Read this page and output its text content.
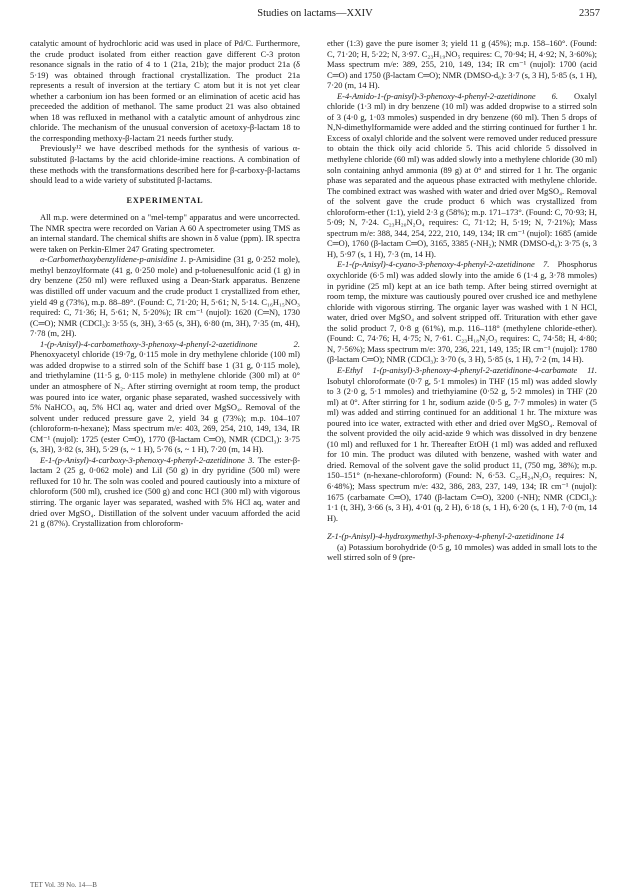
Studies on lactams—XXIV	2357

catalytic amount of hydrochloric acid was used in place of Pd/C. Furthermore, the crude product isolated from either reaction gave different C-3 proton resonance signals in the ratio of 4 to 1 (21a, 21b); the major product 21a (δ 5·19) was obtained through fractional crystallization. The product 21a represents a result of inversion at the tertiary C atom but it is not yet clear whether a carbonium ion has been formed or an elimination of acetic acid has preceeded the addition of methanol. The same product 21 was also obtained when 18 was refluxed in methanol with a catalytic amount of anhydrous zinc chloride. The mechanism of the unusual conversion of acetoxy-β-lactam 18 to the corresponding methoxy-β-lactam 21 needs further study.

Previously¹² we have described methods for the synthesis of various α-substituted β-lactams by the acid chloride-imine reactions. A combination of these methods with the transformations described here for β-carboxy-β-lactams should lead to a wide variety of substituted β-lactams.

EXPERIMENTAL

All m.p. were determined on a "mel-temp" apparatus and were uncorrected. The NMR spectra were recorded on Varian A 60 A spectrometer using TMS as an internal standard. The chemical shifts are shown in δ value (ppm). IR spectra were taken on Perkin-Elmer 247 Grating spectrometer.

α-Carbomethoxybenzylidene-p-anisidine 1. p-Amisidine (31 g, 0·252 mole), methyl benzoylformate (41 g, 0·250 mole) and p-toluenesulfonic acid (1 g) in dry benzene (250 ml) were refluxed using a Dean-Stark apparatus. Benzene was distilled off under vacuum and the crude product 1 crystallized from ether, yield 49 g (73%), m.p. 88–89°. (Found: C, 71·20; H, 5·61; N, 5·14. C₁₆H₁₅NO₃ required: C, 71·36; H, 5·61; N, 5·20%); IR cm⁻¹ (nujol): 1620 (C═N), 1730 (C═O); NMR (CDCl₃): 3·55 (s, 3H), 3·65 (s, 3H), 6·80 (m, 3H), 7·35 (m, 4H), 7·78 (m, 2H).

1-(p-Anisyl)-4-carbomethoxy-3-phenoxy-4-phenyl-2-azetidinone 2. Phenoxyacetyl chloride (19·7g, 0·115 mole in dry methylene chloride (100 ml) was added dropwise to a stirred soln of the Schiff base 1 (31 g, 0·115 mole), and triethylamine (11·5 g, 0·115 mole) in methylene chloride (300 ml) at 0° under an atmosphere of N₂. After stirring overnight at room temp, the product was poured into ice water, organic phase separated, washed successively with 5% NaHCO₃ aq, 5% HCl aq, water and dried over MgSO₄. Removal of the solvent under reduced pressure gave 2, yield 34 g (73%); m.p. 104–107 (chloroform-n-hexane); Mass spectrum m/e: 403, 269, 254, 210, 149, 134, IR CM⁻¹ (nujol): 1725 (ester C═O), 1770 (β-lactam C═O), NMR (CDCl₃): 3·75 (s, 3H), 3·82 (s, 3H), 5·29 (s, ~ 1 H), 5·76 (s, ~ 1 H), 7·20 (m, 14 H).

E-1-(p-Anisyl)-4-carboxy-3-phenoxy-4-phenyl-2-azetidinone 3. The ester-β-lactam 2 (25 g, 0·062 mole) and LiI (50 g) in dry pyridine (500 ml) were refluxed for 10 hr. The soln was cooled and poured cautiously into a mixture of chloroform (500 ml), crushed ice (500 g) and conc HCl (300 ml) with vigorous stirring. The organic layer was separated, washed with 5% HCl aq, water and dried over MgSO₄. Distillation of the solvent under vacuum afforded the acid 21 g (87%). Crystallization from chloroform-

ether (1:3) gave the pure isomer 3; yield 11 g (45%); m.p. 158–160°. (Found: C, 71·20; H, 5·22; N, 3·97. C₂₃H₁₉NO₅ requires: C, 70·94; H, 4·92; N, 3·60%); Mass spectrum m/e: 389, 255, 210, 149, 134; IR cm⁻¹ (nujol): 1700 (acid C═O) and 1750 (β-lactam C═O); NMR (DMSO-d₆): 3·7 (s, 3 H), 5·85 (s, 1 H), 7·20 (m, 14 H).

E-4-Amido-1-(p-anisyl)-3-phenoxy-4-phenyl-2-azetidinone 6. Oxalyl chloride (1·3 ml) in dry benzene (10 ml) was added dropwise to a stirred soln of 3 (4·0 g, 1·03 mmoles) suspended in dry benzene (60 ml). Then 5 drops of N,N-dimethylformamide were added and the stirring continued for further 1 hr. Excess of oxalyl chloride and the solvent were removed under reduced pressure to obtain the thick oily acid chloride 5. This acid chloride 5 dissolved in methylene chloride (60 ml) was added slowly into a methylene chloride (30 ml) soln containing anhyd ammonia (89 g) at 0° and stirred for 1 hr. The organic phase was separated and the aqueous phase extracted with methylene chloride. The combined extract was washed with water and dried over MgSO₄. Removal of the solvent gave the crude product 6 which was crystallized from chloroform-ether (1:1), yield 2·3 g (58%); m.p. 171–173°. (Found: C, 70·93; H, 5·09; N, 7·24. C₂₃H₂₀N₂O₄ requires: C, 71·12; H, 5·19; N, 7·21%); Mass spectrum m/e: 388, 344, 254, 222, 210, 149, 134; IR cm⁻¹ (nujol): 1685 (amide C═O), 1760 (β-lactam C═O), 3165, 3385 (-NH₂); NMR (DMSO-d₆): 3·75 (s, 3 H), 5·97 (s, 1 H), 7·3 (m, 14 H).

E-1-(p-Anisyl)-4-cyano-3-phenoxy-4-phenyl-2-azetidinone 7. Phosphorus oxychloride (6·5 ml) was added slowly into the amide 6 (1·4 g, 3·78 mmoles) in pyridine (25 ml) kept at an ice bath temp. After being stirred overnight at room temp, the mixture was cautiously poured over crushed ice and methylene chloride with vigorous stirring. The organic layer was washed with 1 N HCl, water, dried over MgSO₄ and solvent stripped off. Trituration with ether gave the solid product 7, 0·8 g (61%), m.p. 116–118° (methylene chloride-ether). (Found: C, 74·76; H, 4·75; N, 7·61. C₂₃H₁₈N₂O₃ requires: C, 74·58; H, 4·80; N, 7·56%); Mass spectrum m/e: 370, 236, 221, 149, 135; IR cm⁻¹ (nujol): 1780 (β-lactam C═O); NMR (CDCl₃): 3·70 (s, 3 H), 5·85 (s, 1 H), 7·2 (m, 14 H).

E-Ethyl 1-(p-anisyl)-3-phenoxy-4-phenyl-2-azetidinone-4-carbamate 11. Isobutyl chloroformate (0·7 g, 5·1 mmoles) in THF (15 ml) was added slowly to 3 (2·0 g, 5·1 mmoles) and triethyiamine (0·52 g, 5·2 mmoles) in THF (20 ml) at 0°. After stirring for 1 hr, sodium azide (0·5 g, 7·7 mmoles) in water (5 ml) was added and stirring continued for an additional 1 hr. The mixture was poured into ice water, extracted with ether and dried over MgSO₄. Removal of the solvent provided the oily acid-azide 9 which was dissolved in dry benzene (10 ml) and refluxed for 1 hr. Thereafter EtOH (1 ml) was added and refluxed for 10 min. The product was diluted with benzene, washed with water and dried. Removal of the solvent gave the solid product 11, (750 mg, 38%); m.p. 150–151° (n-hexane-chloroform) (Found: N, 6·53. C₂₅H₂₄N₂O₅ requires: N, 6·48%); Mass spectrum m/e: 432, 386, 283, 237, 149, 134; IR cm⁻¹ (nujol): 1675 (carbamate C═O), 1740 (β-lactam C═O), 3200 (-NH); NMR (CDCl₃): 1·1 (t, 3H), 3·66 (s, 3 H), 4·01 (q, 2 H), 6·18 (s, 1 H), 6·20 (s, 1 H), 7·0 (m, 14 H).

Z-1-(p-Anisyl)-4-hydroxymethyl-3-phenoxy-4-phenyl-2-azetidinone 14

(a) Potassium borohydride (0·5 g, 10 mmoles) was added in small lots to the well stirred soln of 9 (pre-

TET Vol. 39 No. 14—B
